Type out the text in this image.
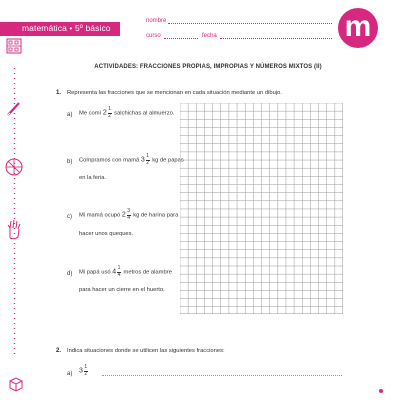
matemática • 5º básico	m
nombre
curso	fecha
ACTIVIDADES: FRACCIONES PROPIAS, IMPROPIAS Y NÚMEROS MIXTOS (II)
1. Representa las fracciones que se mencionan en cada situación mediante un dibujo.
a) Me comí $2 \frac{1}{2}$ salchichas al almuerzo.
b) Compramos con mamá $3 \frac{1}{2}$ kg de papas
en la feria.
c) Mi mamá ocupó $2 \frac{3}{4}$ kg de harina para
hacer unos queques.
d) Mi papá usó $4 \frac{1}{4}$ metros de alambre
para hacer un cierre en el huerto.
2. Indica situaciones donde se utilicen las siguientes fracciones:
a) $3 \frac{1}{2}$
